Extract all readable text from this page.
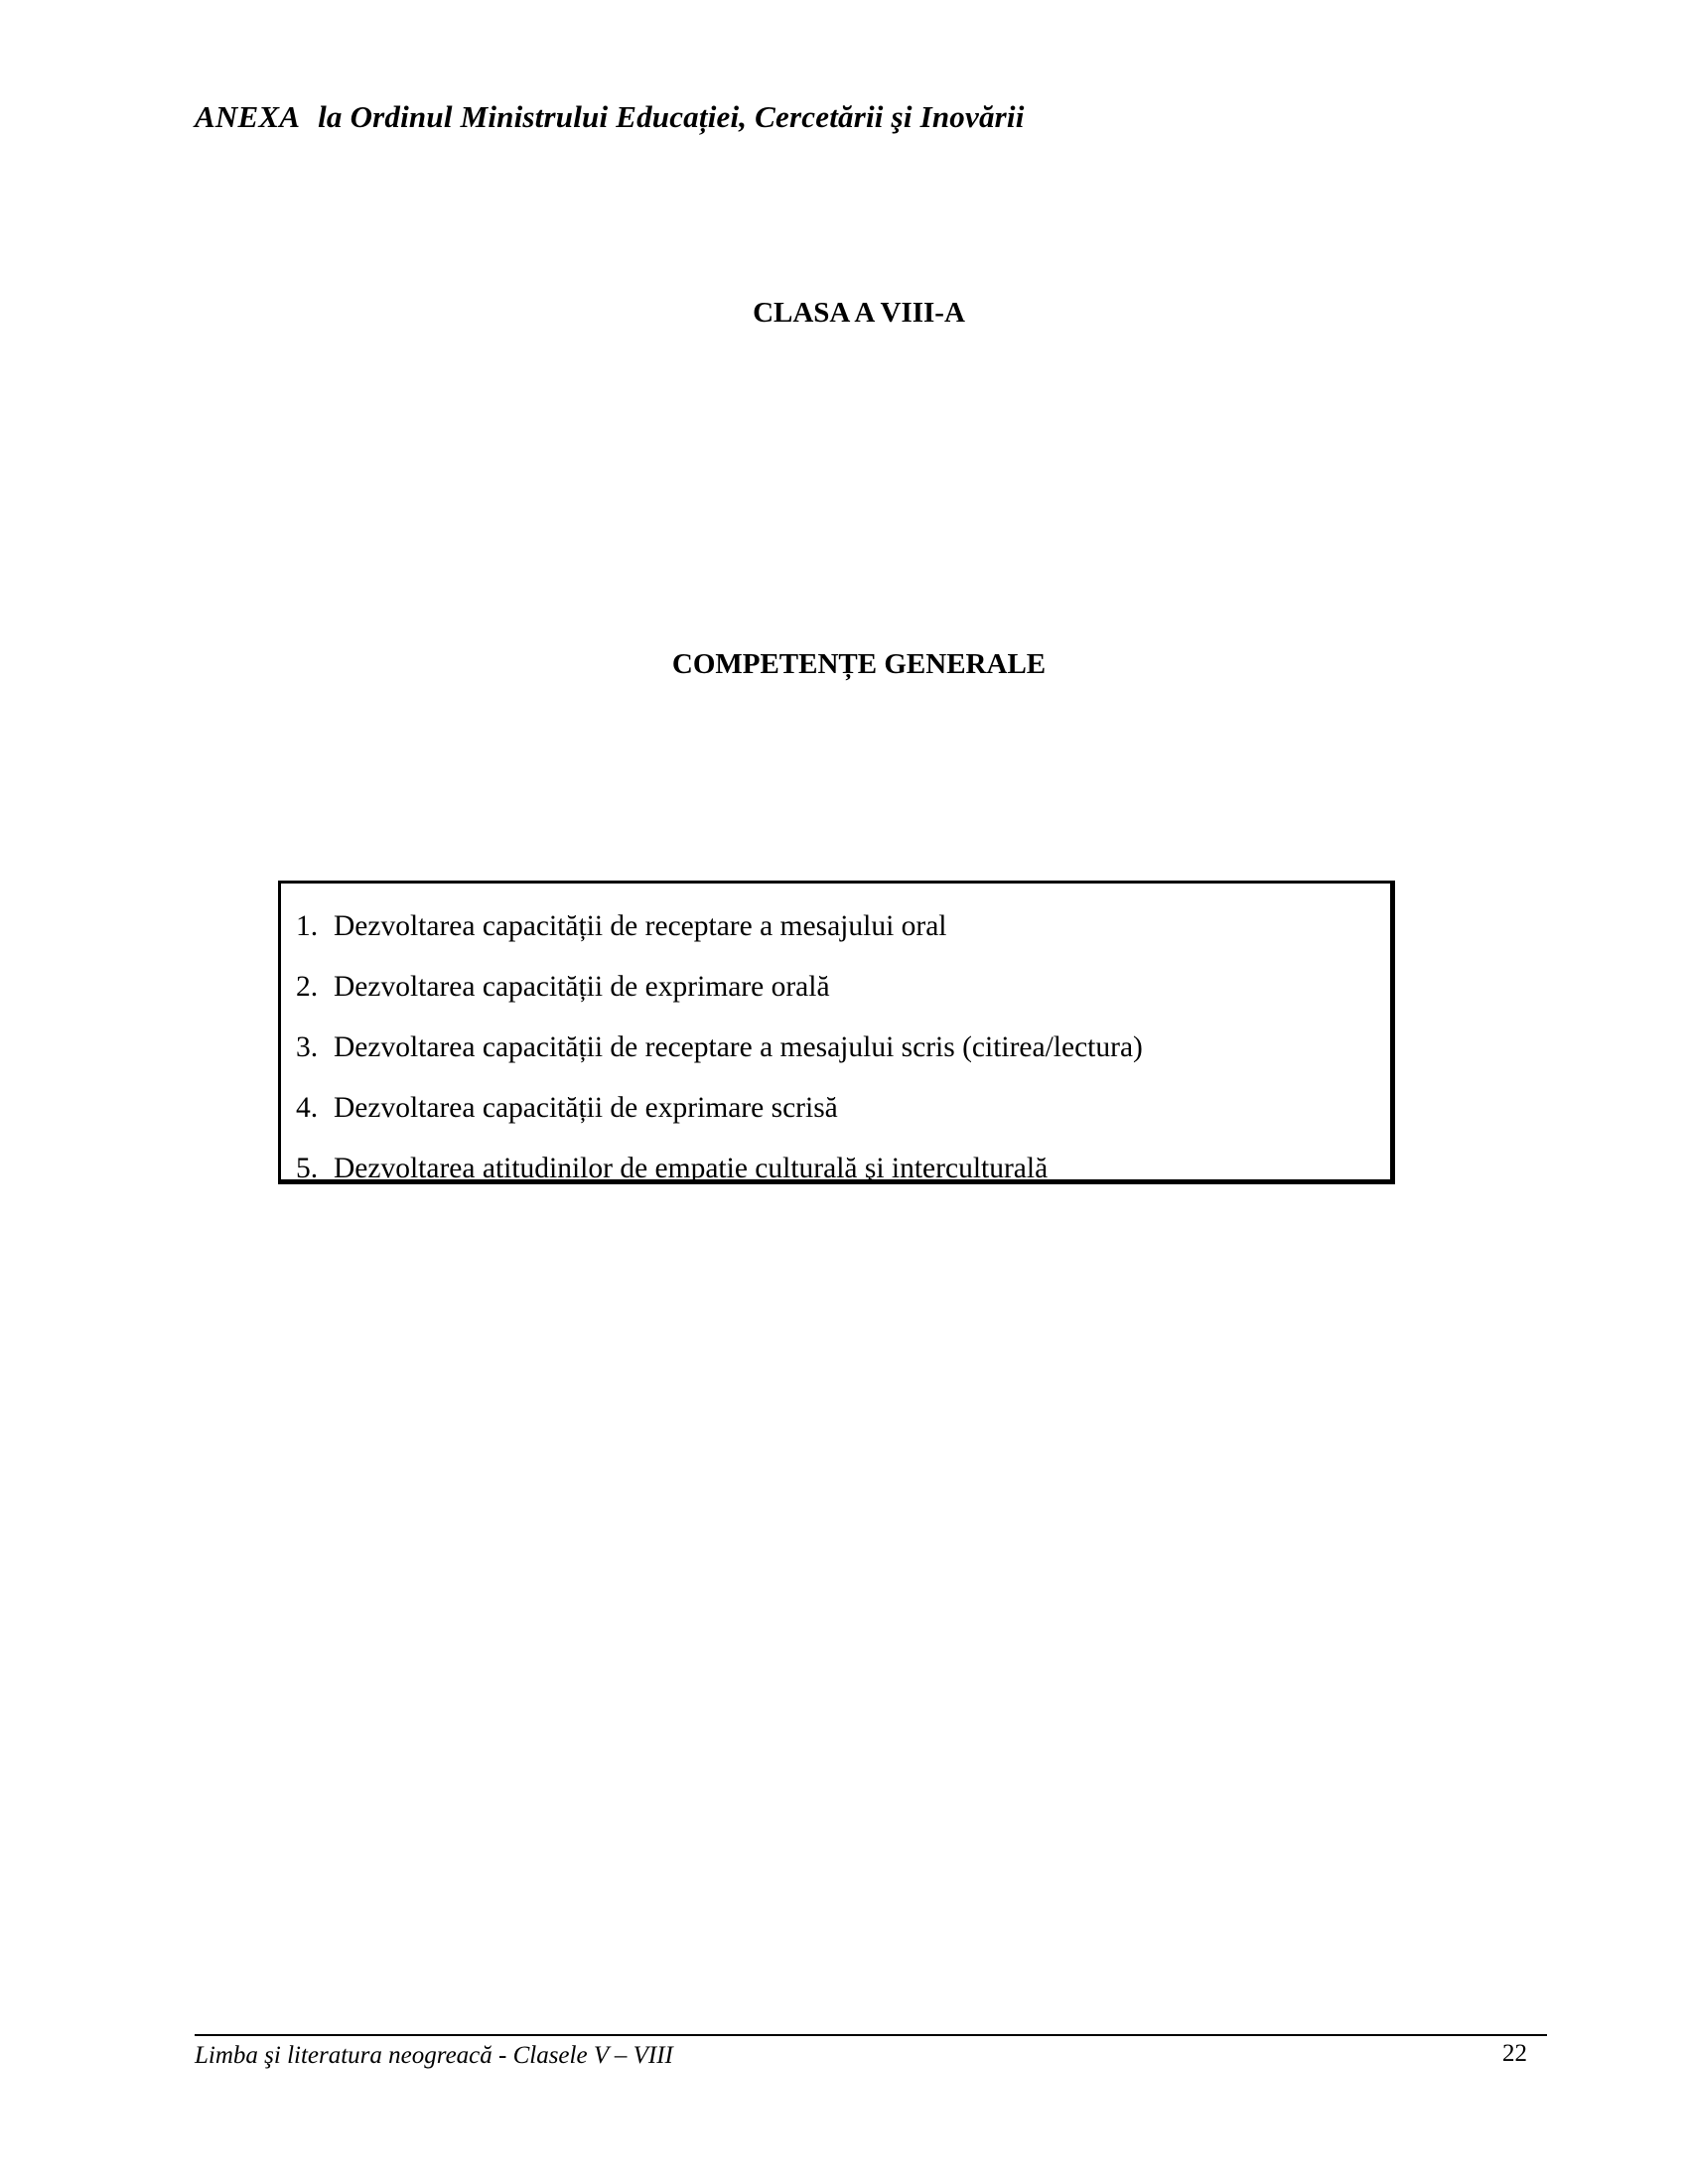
ANEXA la Ordinul Ministrului Educației, Cercetării şi Inovării
CLASA A VIII-A
COMPETENȚE GENERALE
1. Dezvoltarea capacității de receptare a mesajului oral
2. Dezvoltarea capacității de exprimare orală
3. Dezvoltarea capacității de receptare a mesajului scris (citirea/lectura)
4. Dezvoltarea capacității de exprimare scrisă
5. Dezvoltarea atitudinilor de empatie culturală şi interculturală
Limba şi literatura neogreacă - Clasele V – VIII	22
